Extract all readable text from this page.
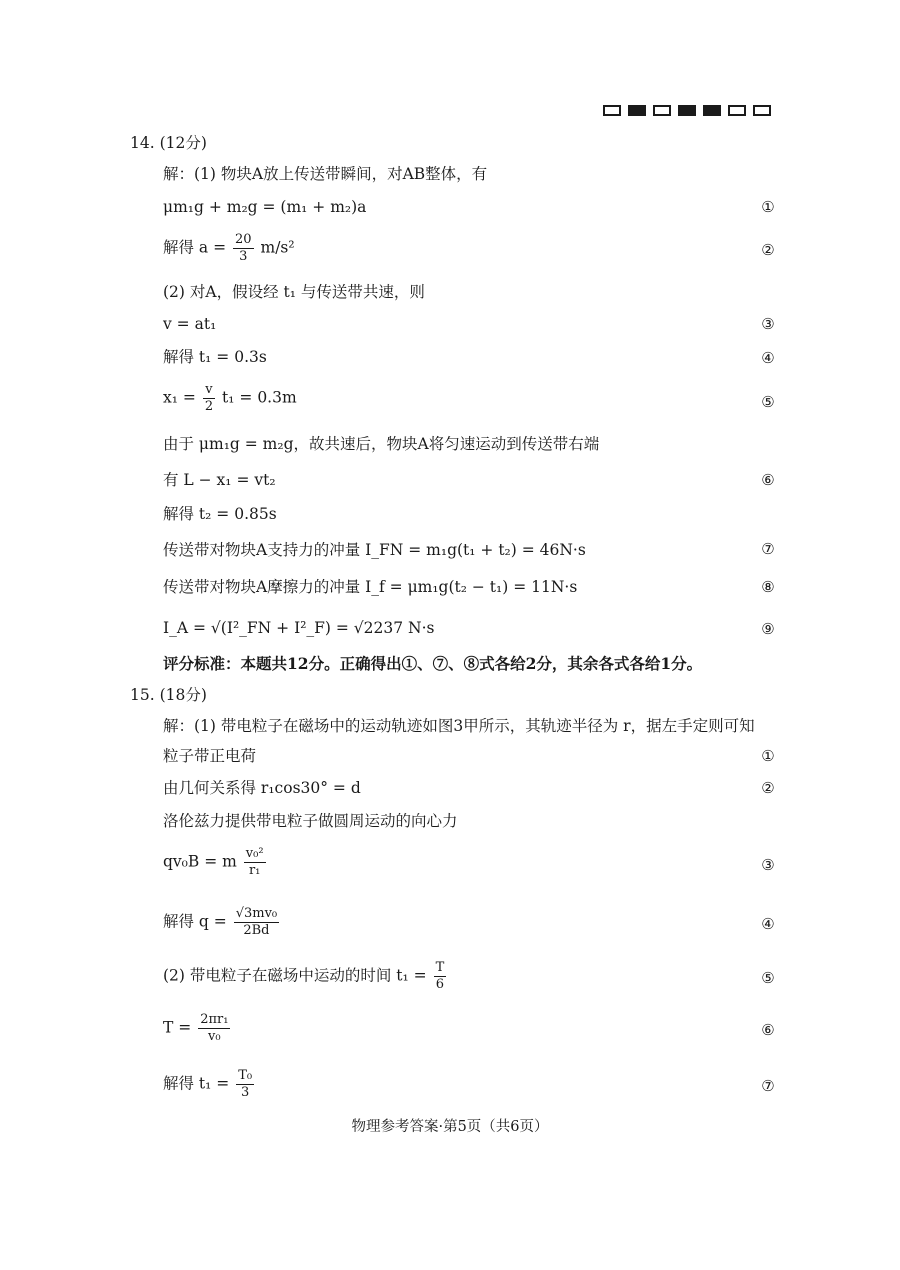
14. (12分)
解：(1) 物块A放上传送带瞬间，对AB整体，有
μm₁g + m₂g = (m₁ + m₂)a	①
解得 $a = \frac{20}{3} m/s^2$	②
(2) 对A，假设经 t₁ 与传送带共速，则
v = at₁	③
解得 t₁ = 0.3s	④
$x_1 = \frac{v}{2} t_1 = 0.3m$	⑤
由于 μm₁g = m₂g，故共速后，物块A将匀速运动到传送带右端
有 L − x₁ = vt₂	⑥
解得 t₂ = 0.85s
传送带对物块A支持力的冲量 I_FN = m₁g(t₁ + t₂) = 46N·s	⑦
传送带对物块A摩擦力的冲量 I_f = μm₁g(t₂ − t₁) = 11N·s	⑧
I_A = √(I²_FN + I²_F) = √2237 N·s	⑨
评分标准：本题共12分。正确得出①、⑦、⑧式各给2分，其余各式各给1分。
15. (18分)
解：(1) 带电粒子在磁场中的运动轨迹如图3甲所示，其轨迹半径为 r，据左手定则可知
粒子带正电荷	①
由几何关系得 r₁cos30° = d	②
洛伦兹力提供带电粒子做圆周运动的向心力
qv₀B = m $\frac{\text{v₀²}}{\text{r₁}}$	③
解得 $q = \frac{\text{√3mv₀}}{2Bd}$	④
(2) 带电粒子在磁场中运动的时间 $t_1 = \frac{T}{6}$	⑤
$T = \frac{\text{2πr₁}}{\text{v₀}}$	⑥
解得 $t_1 = \frac{\text{T₀}}{3}$	⑦
物理参考答案·第5页（共6页）
